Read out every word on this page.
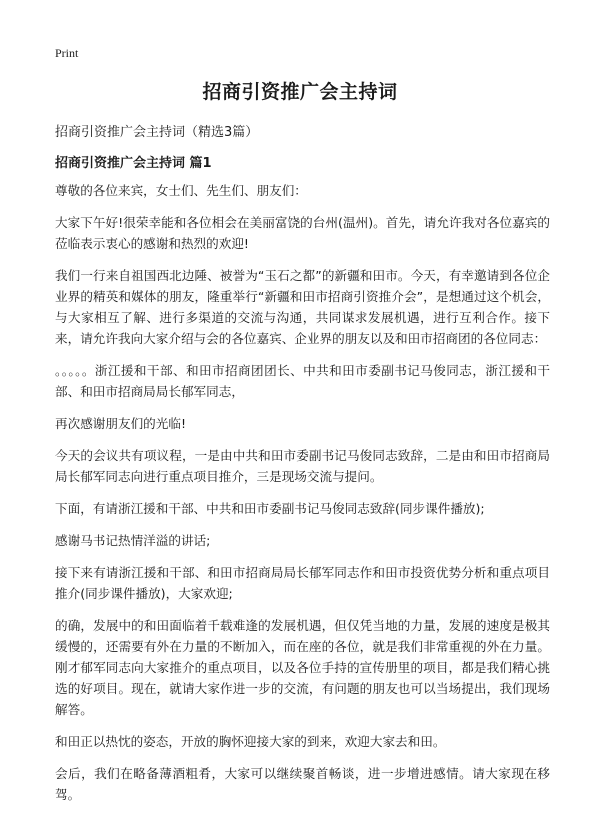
Print
招商引资推广会主持词

招商引资推广会主持词（精选3篇）

招商引资推广会主持词 篇1

尊敬的各位来宾，女士们、先生们、朋友们：

大家下午好!很荣幸能和各位相会在美丽富饶的台州(温州)。首先，请允许我对各位嘉宾的莅临表示衷心的感谢和热烈的欢迎!

我们一行来自祖国西北边陲、被誉为“玉石之都”的新疆和田市。今天，有幸邀请到各位企业界的精英和媒体的朋友，隆重举行“新疆和田市招商引资推介会”，是想通过这个机会，与大家相互了解、进行多渠道的交流与沟通，共同谋求发展机遇，进行互利合作。接下来，请允许我向大家介绍与会的各位嘉宾、企业界的朋友以及和田市招商团的各位同志：

。。。。。浙江援和干部、和田市招商团团长、中共和田市委副书记马俊同志，浙江援和干部、和田市招商局局长郁军同志，

再次感谢朋友们的光临!

今天的会议共有项议程，一是由中共和田市委副书记马俊同志致辞，二是由和田市招商局局长郁军同志向进行重点项目推介，三是现场交流与提问。

下面，有请浙江援和干部、中共和田市委副书记马俊同志致辞(同步课件播放);

感谢马书记热情洋溢的讲话;

接下来有请浙江援和干部、和田市招商局局长郁军同志作和田市投资优势分析和重点项目推介(同步课件播放)，大家欢迎;

的确，发展中的和田面临着千载难逢的发展机遇，但仅凭当地的力量，发展的速度是极其缓慢的，还需要有外在力量的不断加入，而在座的各位，就是我们非常重视的外在力量。刚才郁军同志向大家推介的重点项目，以及各位手持的宣传册里的项目，都是我们精心挑选的好项目。现在，就请大家作进一步的交流，有问题的朋友也可以当场提出，我们现场解答。

和田正以热忱的姿态，开放的胸怀迎接大家的到来，欢迎大家去和田。

会后，我们在略备薄酒粗肴，大家可以继续聚首畅谈，进一步增进感情。请大家现在移驾。
